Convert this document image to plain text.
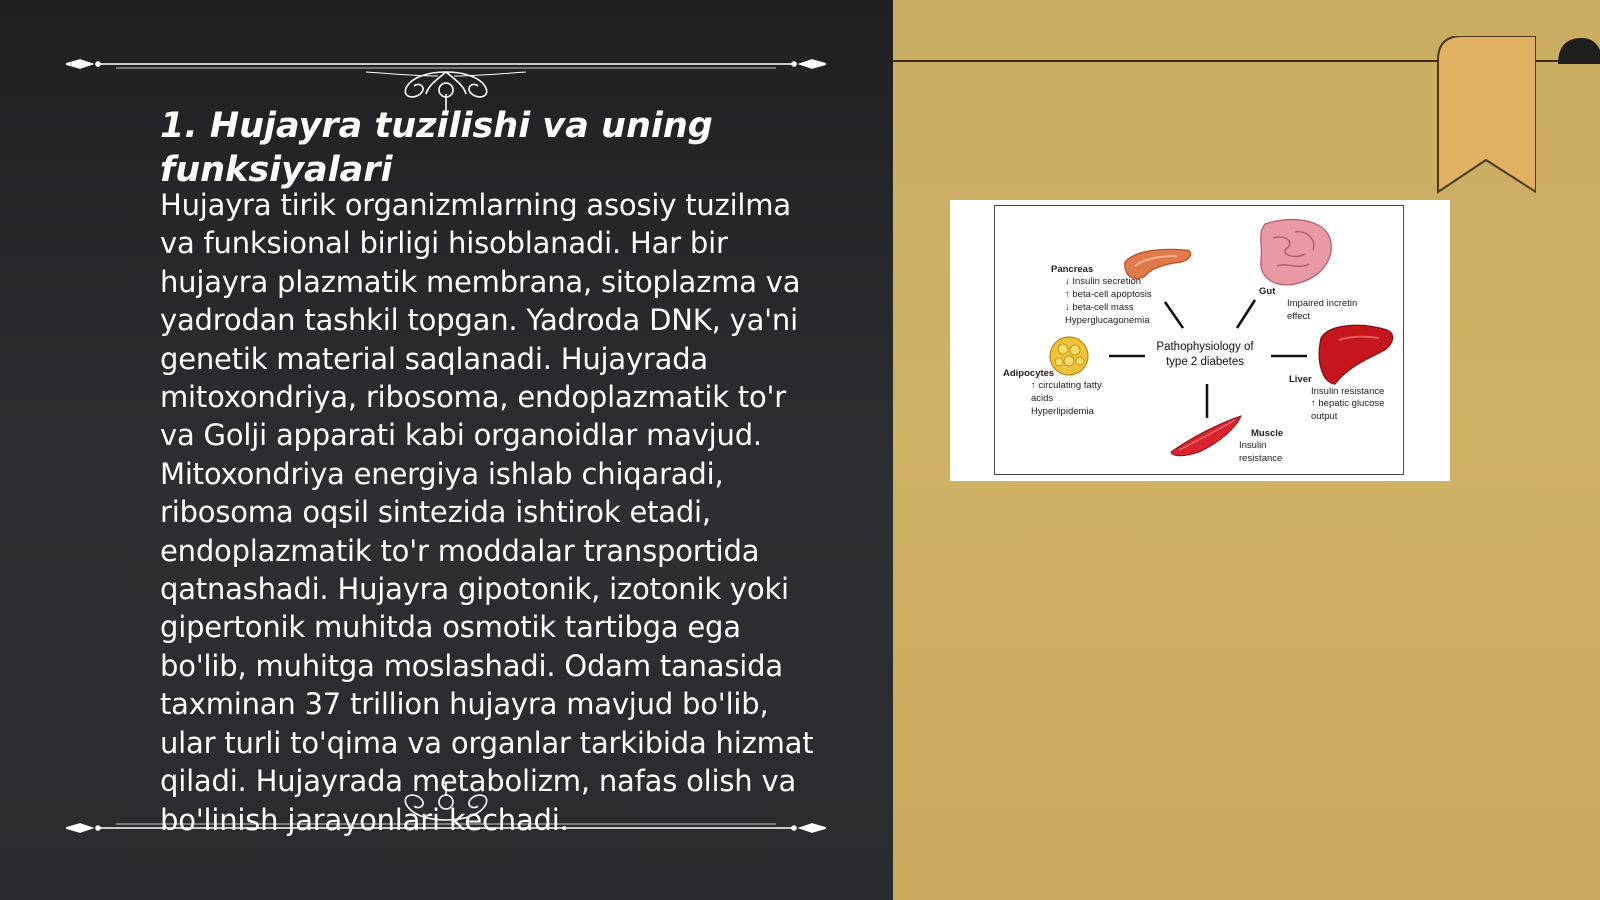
1. Hujayra tuzilishi va uning funksiyalari

Hujayra tirik organizmlarning asosiy tuzilma va funksional birligi hisoblanadi. Har bir hujayra plazmatik membrana, sitoplazma va yadrodan tashkil topgan. Yadroda DNK, ya'ni genetik material saqlanadi. Hujayrada mitoxondriya, ribosoma, endoplazmatik to'r va Golji apparati kabi organoidlar mavjud. Mitoxondriya energiya ishlab chiqaradi, ribosoma oqsil sintezida ishtirok etadi, endoplazmatik to'r moddalar transportida qatnashadi. Hujayra gipotonik, izotonik yoki gipertonik muhitda osmotik tartibga ega bo'lib, muhitga moslashadi. Odam tanasida taxminan 37 trillion hujayra mavjud bo'lib, ular turli to'qima va organlar tarkibida hizmat qiladi. Hujayrada metabolizm, nafas olish va bo'linish jarayonlari kechadi.

Pathophysiology of type 2 diabetes
Pancreas
↓ Insulin secretion
↑ beta-cell apoptosis
↓ beta-cell mass
Hyperglucagonemia
Gut
Impaired incretin effect
Adipocytes
↑ circulating fatty acids
Hyperlipidemia
Liver
Insulin resistance
↑ hepatic glucose output
Muscle
Insulin resistance
